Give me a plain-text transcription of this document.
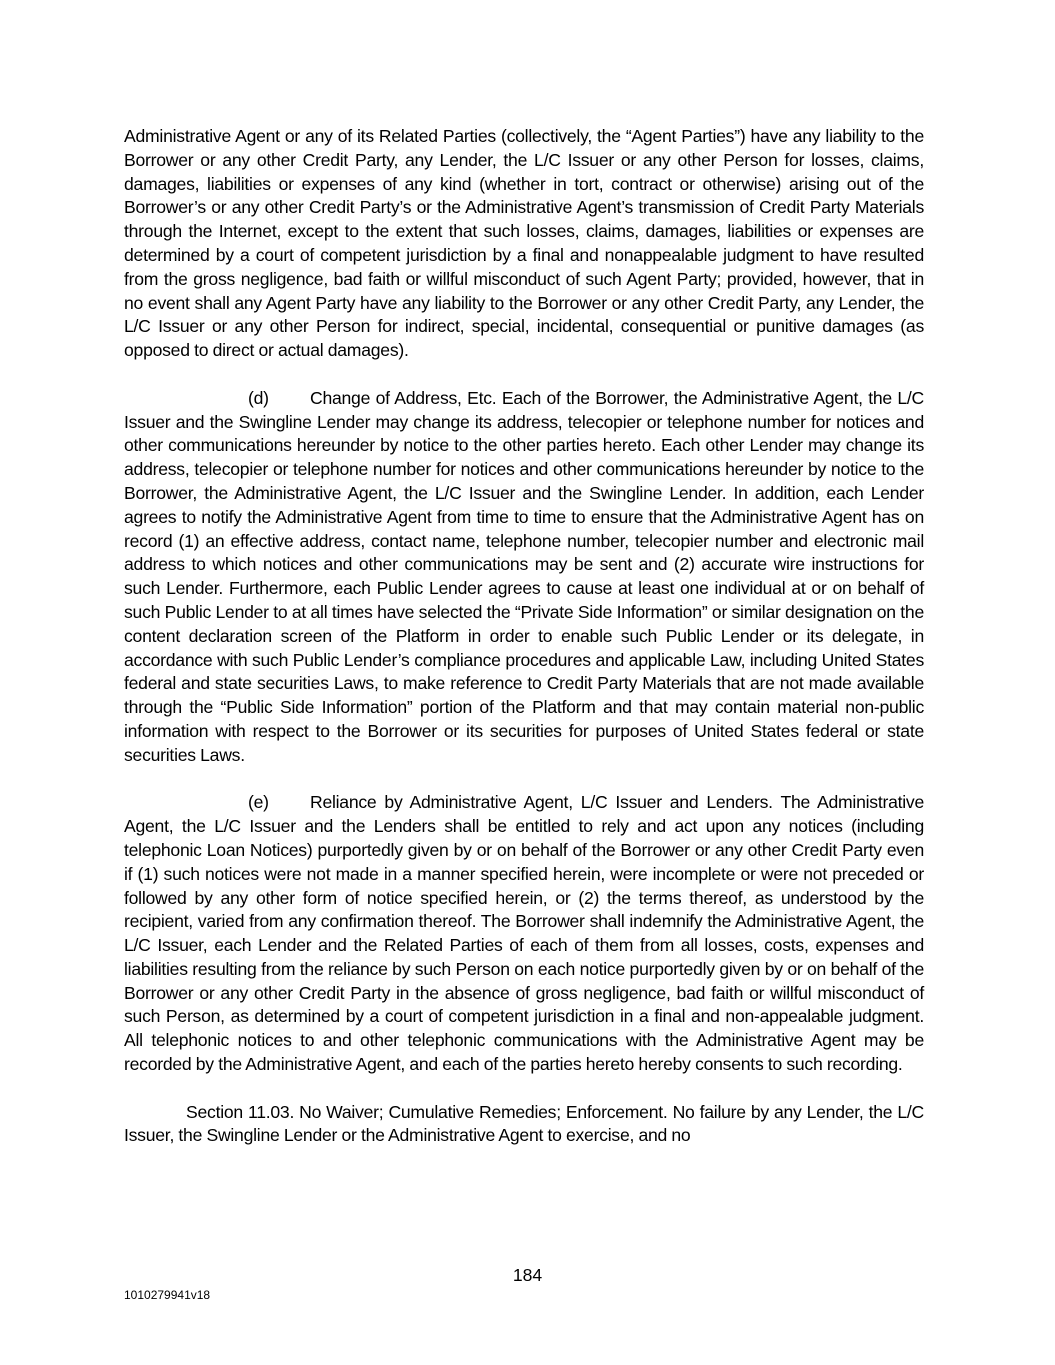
Administrative Agent or any of its Related Parties (collectively, the “Agent Parties”) have any liability to the Borrower or any other Credit Party, any Lender, the L/C Issuer or any other Person for losses, claims, damages, liabilities or expenses of any kind (whether in tort, contract or otherwise) arising out of the Borrower’s or any other Credit Party’s or the Administrative Agent’s transmission of Credit Party Materials through the Internet, except to the extent that such losses, claims, damages, liabilities or expenses are determined by a court of competent jurisdiction by a final and nonappealable judgment to have resulted from the gross negligence, bad faith or willful misconduct of such Agent Party; provided, however, that in no event shall any Agent Party have any liability to the Borrower or any other Credit Party, any Lender, the L/C Issuer or any other Person for indirect, special, incidental, consequential or punitive damages (as opposed to direct or actual damages).

(d) Change of Address, Etc. Each of the Borrower, the Administrative Agent, the L/C Issuer and the Swingline Lender may change its address, telecopier or telephone number for notices and other communications hereunder by notice to the other parties hereto. Each other Lender may change its address, telecopier or telephone number for notices and other communications hereunder by notice to the Borrower, the Administrative Agent, the L/C Issuer and the Swingline Lender. In addition, each Lender agrees to notify the Administrative Agent from time to time to ensure that the Administrative Agent has on record (1) an effective address, contact name, telephone number, telecopier number and electronic mail address to which notices and other communications may be sent and (2) accurate wire instructions for such Lender. Furthermore, each Public Lender agrees to cause at least one individual at or on behalf of such Public Lender to at all times have selected the “Private Side Information” or similar designation on the content declaration screen of the Platform in order to enable such Public Lender or its delegate, in accordance with such Public Lender’s compliance procedures and applicable Law, including United States federal and state securities Laws, to make reference to Credit Party Materials that are not made available through the “Public Side Information” portion of the Platform and that may contain material non-public information with respect to the Borrower or its securities for purposes of United States federal or state securities Laws.

(e) Reliance by Administrative Agent, L/C Issuer and Lenders. The Administrative Agent, the L/C Issuer and the Lenders shall be entitled to rely and act upon any notices (including telephonic Loan Notices) purportedly given by or on behalf of the Borrower or any other Credit Party even if (1) such notices were not made in a manner specified herein, were incomplete or were not preceded or followed by any other form of notice specified herein, or (2) the terms thereof, as understood by the recipient, varied from any confirmation thereof. The Borrower shall indemnify the Administrative Agent, the L/C Issuer, each Lender and the Related Parties of each of them from all losses, costs, expenses and liabilities resulting from the reliance by such Person on each notice purportedly given by or on behalf of the Borrower or any other Credit Party in the absence of gross negligence, bad faith or willful misconduct of such Person, as determined by a court of competent jurisdiction in a final and non-appealable judgment. All telephonic notices to and other telephonic communications with the Administrative Agent may be recorded by the Administrative Agent, and each of the parties hereto hereby consents to such recording.

Section 11.03. No Waiver; Cumulative Remedies; Enforcement. No failure by any Lender, the L/C Issuer, the Swingline Lender or the Administrative Agent to exercise, and no

184
1010279941v18
